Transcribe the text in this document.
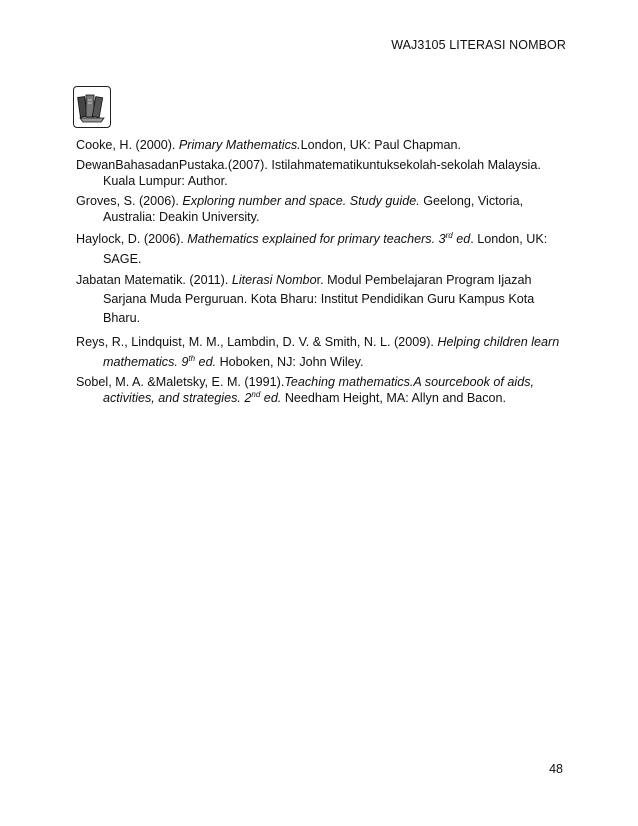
WAJ3105 LITERASI NOMBOR
Cooke, H. (2000). Primary Mathematics.London, UK: Paul Chapman.
DewanBahasadanPustaka.(2007). Istilahmatematikuntuksekolah-sekolah Malaysia. Kuala Lumpur: Author.
Groves, S. (2006). Exploring number and space. Study guide. Geelong, Victoria, Australia: Deakin University.
Haylock, D. (2006). Mathematics explained for primary teachers. 3rd ed. London, UK: SAGE.
Jabatan Matematik. (2011). Literasi Nombor. Modul Pembelajaran Program Ijazah Sarjana Muda Perguruan. Kota Bharu: Institut Pendidikan Guru Kampus Kota Bharu.
Reys, R., Lindquist, M. M., Lambdin, D. V. & Smith, N. L. (2009). Helping children learn mathematics. 9th ed. Hoboken, NJ: John Wiley.
Sobel, M. A. &Maletsky, E. M. (1991).Teaching mathematics.A sourcebook of aids, activities, and strategies. 2nd ed. Needham Height, MA: Allyn and Bacon.
48
